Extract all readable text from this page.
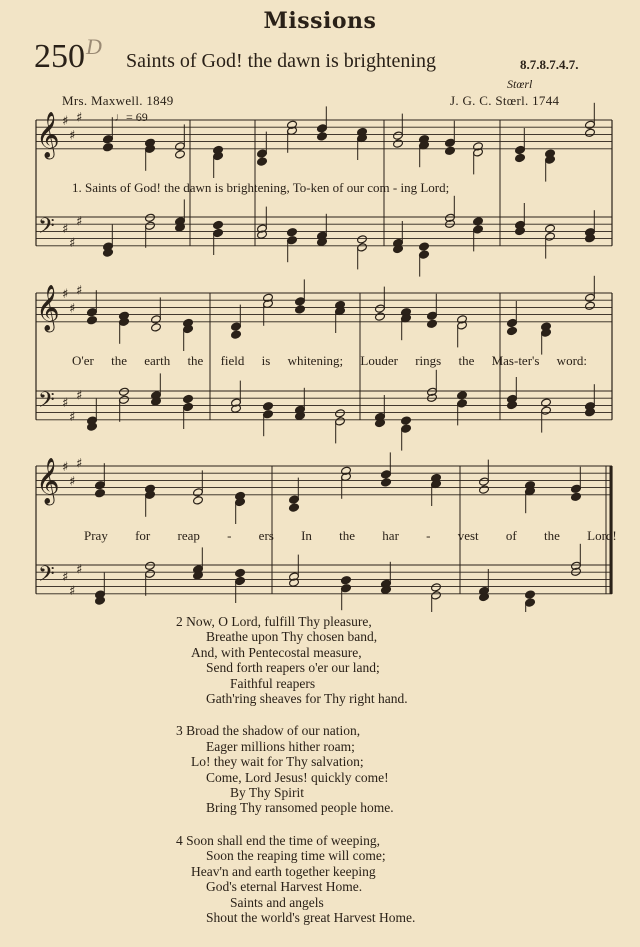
Missions
250 D
Saints of God! the dawn is brightening	8.7.8.7.4.7.
Stœrl
Mrs. Maxwell. 1849	J. G. C. Stœrl. 1744
♩= 69
𝄞 ♯
♯
♯
𝄢 ♯
♯
♯
𝄞 ♯
♯
♯
𝄢 ♯
♯
♯
𝄞 ♯
♯
♯
𝄢 ♯
♯
♯
1. Saints of God! the dawn is brightening, To-ken of our com - ing Lord;
O'er the earth the field is whitening; Louder rings the Mas-ter's word:
Pray for reap - ers In the har - vest of the Lord!
2 Now, O Lord, fulfill Thy pleasure,
Breathe upon Thy chosen band,
And, with Pentecostal measure,
Send forth reapers o'er our land;
Faithful reapers
Gath'ring sheaves for Thy right hand.
3 Broad the shadow of our nation,
Eager millions hither roam;
Lo! they wait for Thy salvation;
Come, Lord Jesus! quickly come!
By Thy Spirit
Bring Thy ransomed people home.
4 Soon shall end the time of weeping,
Soon the reaping time will come;
Heav'n and earth together keeping
God's eternal Harvest Home.
Saints and angels
Shout the world's great Harvest Home.
